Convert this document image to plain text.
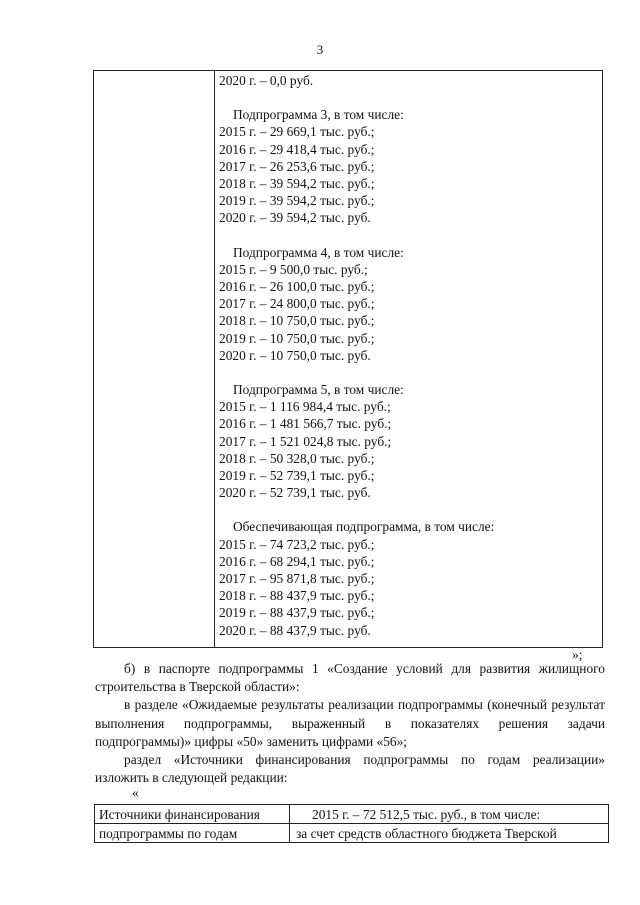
3
2020 г. – 0,0 руб.
Подпрограмма 3, в том числе:
2015 г. – 29 669,1 тыс. руб.;
2016 г. – 29 418,4 тыс. руб.;
2017 г. – 26 253,6 тыс. руб.;
2018 г. – 39 594,2 тыс. руб.;
2019 г. – 39 594,2 тыс. руб.;
2020 г. – 39 594,2 тыс. руб.
Подпрограмма 4, в том числе:
2015 г. – 9 500,0 тыс. руб.;
2016 г. – 26 100,0 тыс. руб.;
2017 г. – 24 800,0 тыс. руб.;
2018 г. – 10 750,0 тыс. руб.;
2019 г. – 10 750,0 тыс. руб.;
2020 г. – 10 750,0 тыс. руб.
Подпрограмма 5, в том числе:
2015 г. – 1 116 984,4 тыс. руб.;
2016 г. – 1 481 566,7 тыс. руб.;
2017 г. – 1 521 024,8 тыс. руб.;
2018 г. – 50 328,0 тыс. руб.;
2019 г. – 52 739,1 тыс. руб.;
2020 г. – 52 739,1 тыс. руб.
Обеспечивающая подпрограмма, в том числе:
2015 г. – 74 723,2 тыс. руб.;
2016 г. – 68 294,1 тыс. руб.;
2017 г. – 95 871,8 тыс. руб.;
2018 г. – 88 437,9 тыс. руб.;
2019 г. – 88 437,9 тыс. руб.;
2020 г. – 88 437,9 тыс. руб.
»;
б) в паспорте подпрограммы 1 «Создание условий для развития жилищного строительства в Тверской области»:
в разделе «Ожидаемые результаты реализации подпрограммы (конечный результат выполнения подпрограммы, выраженный в показателях решения задачи подпрограммы)» цифры «50» заменить цифрами «56»;
раздел «Источники финансирования подпрограммы по годам реализации» изложить в следующей редакции:
«
Источники финансирования	2015 г. – 72 512,5 тыс. руб., в том числе:

подпрограммы по годам	за счет средств областного бюджета Тверской
